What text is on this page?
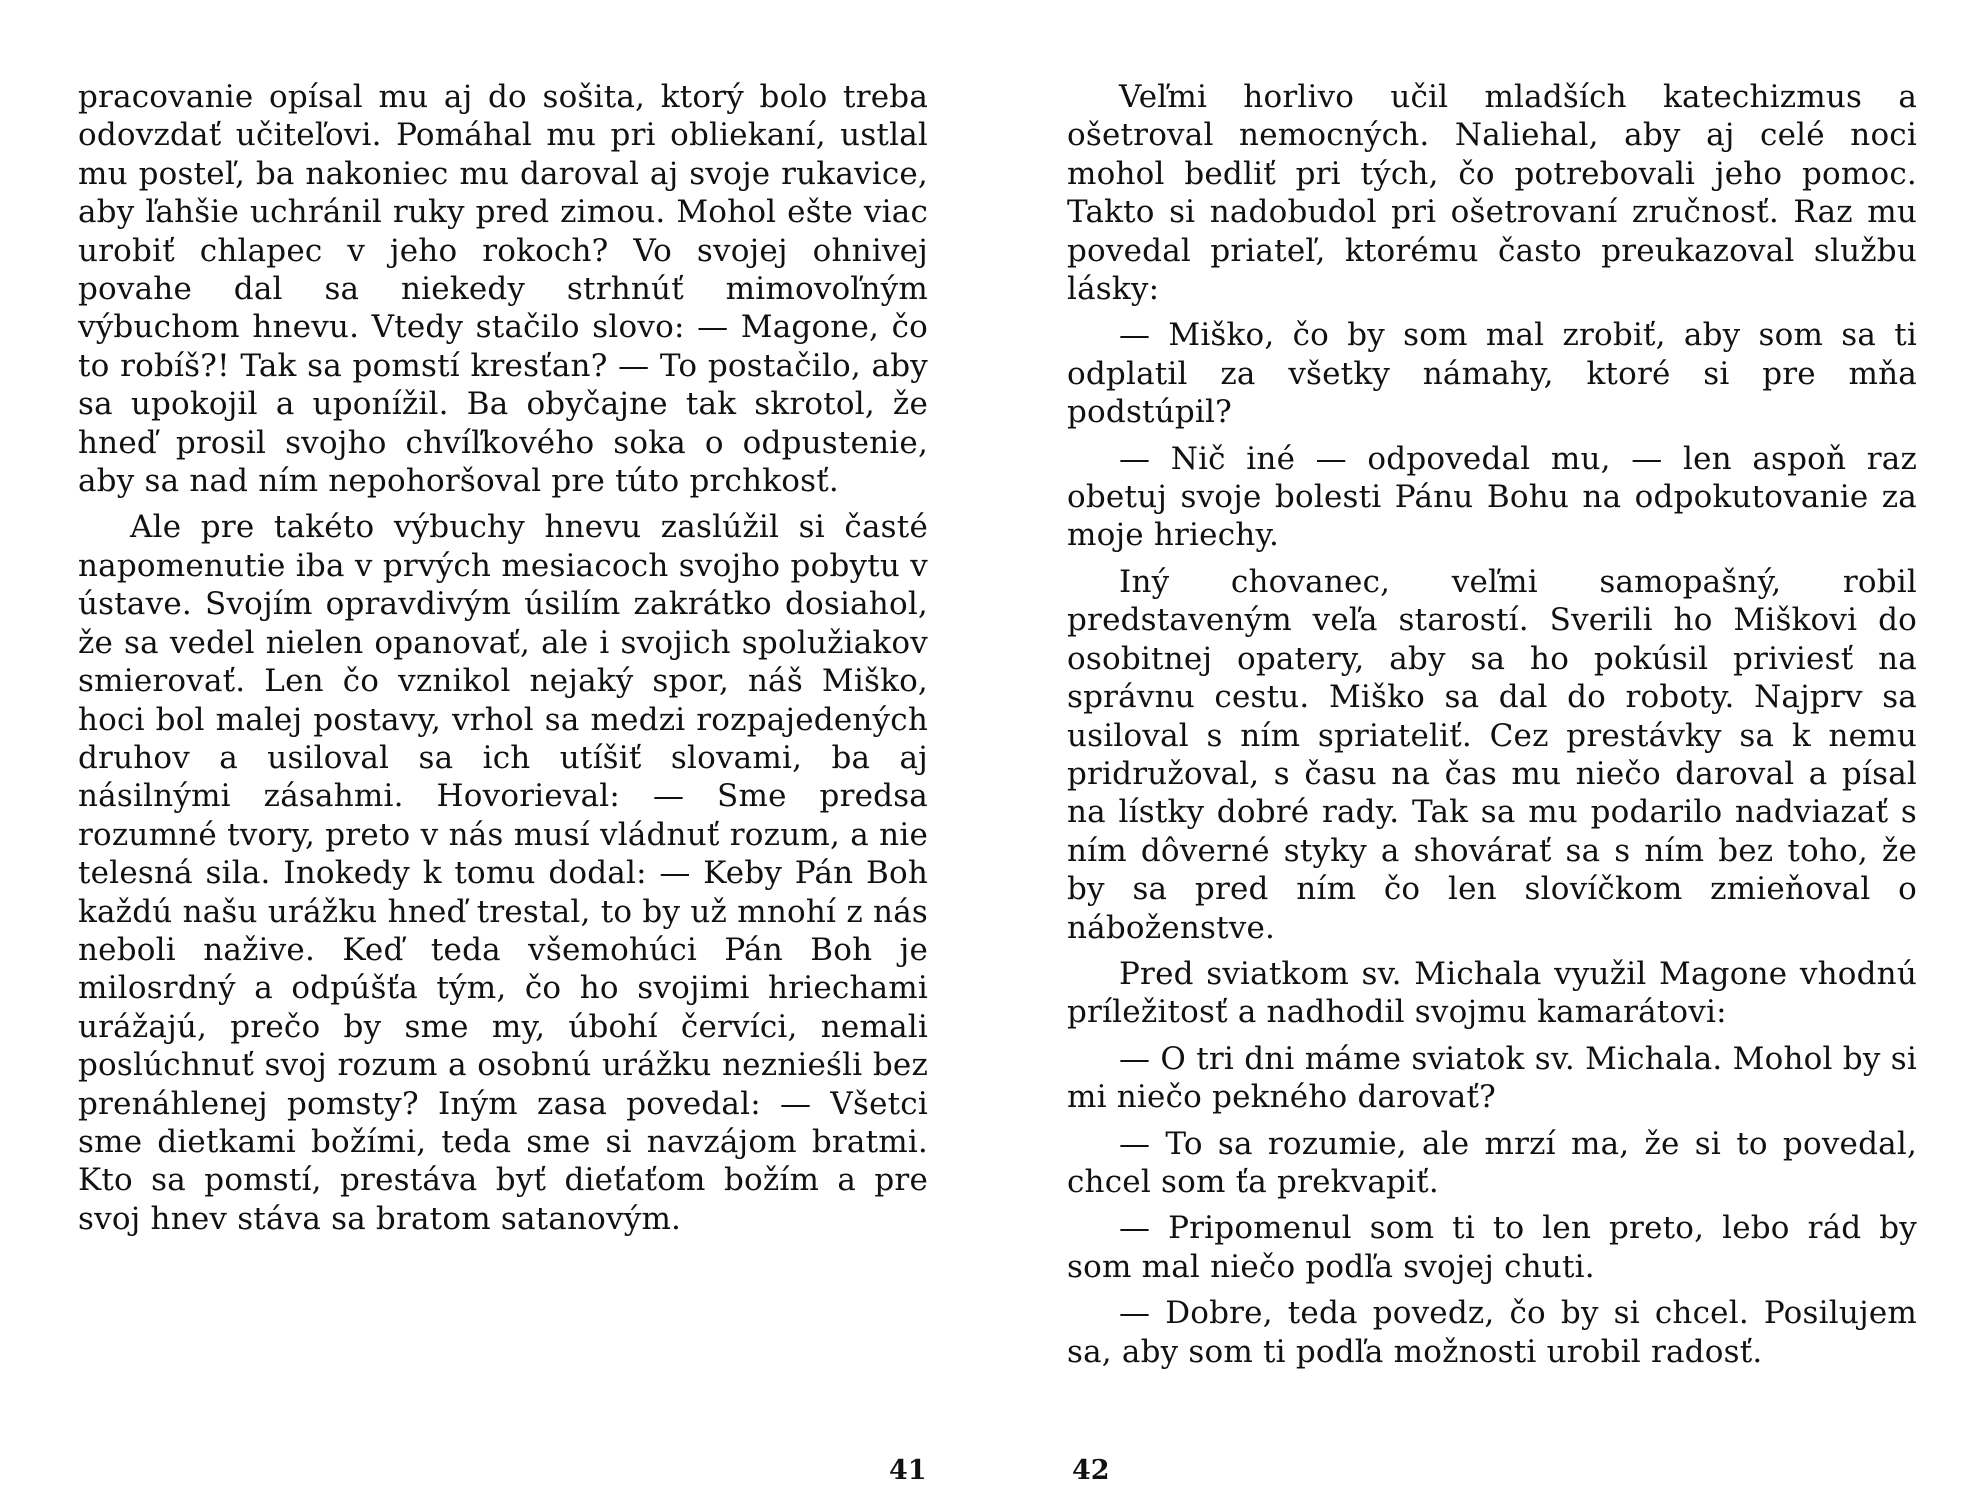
pracovanie opísal mu aj do sošita, ktorý bolo treba odovzdať učiteľovi. Pomáhal mu pri obliekaní, ustlal mu posteľ, ba nakoniec mu daroval aj svoje rukavice, aby ľahšie uchránil ruky pred zimou. Mohol ešte viac urobiť chlapec v jeho rokoch? Vo svojej ohnivej povahe dal sa niekedy strhnúť mimovoľným výbuchom hnevu. Vtedy stačilo slovo: — Magone, čo to robíš?! Tak sa pomstí kresťan? — To postačilo, aby sa upokojil a uponížil. Ba obyčajne tak skrotol, že hneď prosil svojho chvíľkového soka o odpustenie, aby sa nad ním nepohoršoval pre túto prchkosť.

Ale pre takéto výbuchy hnevu zaslúžil si časté napomenutie iba v prvých mesiacoch svojho pobytu v ústave. Svojím opravdivým úsilím zakrátko dosiahol, že sa vedel nielen opanovať, ale i svojich spolužiakov smierovať. Len čo vznikol nejaký spor, náš Miško, hoci bol malej postavy, vrhol sa medzi rozpajedených druhov a usiloval sa ich utíšiť slovami, ba aj násilnými zásahmi. Hovorieval: — Sme predsa rozumné tvory, preto v nás musí vládnuť rozum, a nie telesná sila. Inokedy k tomu dodal: — Keby Pán Boh každú našu urážku hneď trestal, to by už mnohí z nás neboli nažive. Keď teda všemohúci Pán Boh je milosrdný a odpúšťa tým, čo ho svojimi hriechami urážajú, prečo by sme my, úbohí červíci, nemali poslúchnuť svoj rozum a osobnú urážku neznieśli bez prenáhlenej pomsty? Iným zasa povedal: — Všetci sme dietkami božími, teda sme si navzájom bratmi. Kto sa pomstí, prestáva byť dieťaťom božím a pre svoj hnev stáva sa bratom satanovým.

41

Veľmi horlivo učil mladších katechizmus a ošetroval nemocných. Naliehal, aby aj celé noci mohol bedliť pri tých, čo potrebovali jeho pomoc. Takto si nadobudol pri ošetrovaní zručnosť. Raz mu povedal priateľ, ktorému často preukazoval službu lásky:

— Miško, čo by som mal zrobiť, aby som sa ti odplatil za všetky námahy, ktoré si pre mňa podstúpil?

— Nič iné — odpovedal mu, — len aspoň raz obetuj svoje bolesti Pánu Bohu na odpokutovanie za moje hriechy.

Iný chovanec, veľmi samopašný, robil predstaveným veľa starostí. Sverili ho Miškovi do osobitnej opatery, aby sa ho pokúsil priviesť na správnu cestu. Miško sa dal do roboty. Najprv sa usiloval s ním spriateliť. Cez prestávky sa k nemu pridružoval, s času na čas mu niečo daroval a písal na lístky dobré rady. Tak sa mu podarilo nadviazať s ním dôverné styky a shovárať sa s ním bez toho, že by sa pred ním čo len slovíčkom zmieňoval o náboženstve.

Pred sviatkom sv. Michala využil Magone vhodnú príležitosť a nadhodil svojmu kamarátovi:

— O tri dni máme sviatok sv. Michala. Mohol by si mi niečo pekného darovať?

— To sa rozumie, ale mrzí ma, že si to povedal, chcel som ťa prekvapiť.

— Pripomenul som ti to len preto, lebo rád by som mal niečo podľa svojej chuti.

— Dobre, teda povedz, čo by si chcel. Posilujem sa, aby som ti podľa možnosti urobil radosť.

42
